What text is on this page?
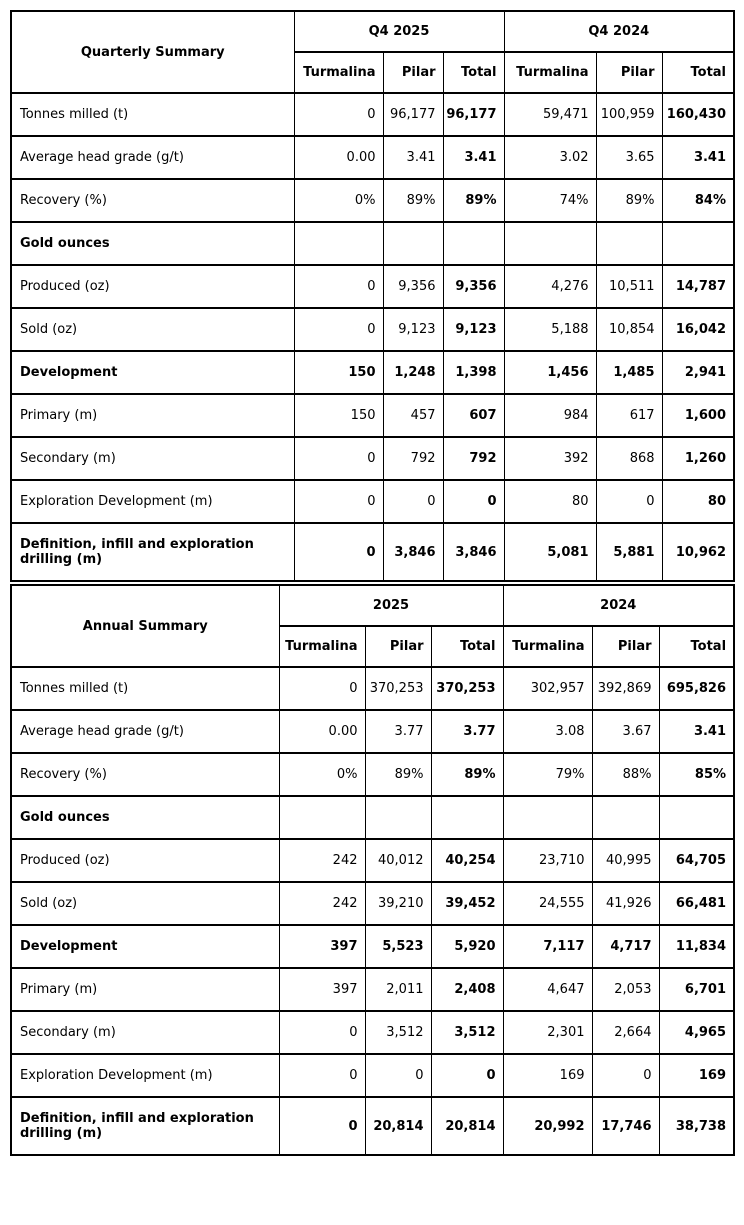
Quarterly Summary	Q4 2025			Q4 2024		
	Turmalina	Pilar	Total	Turmalina	Pilar	Total
Tonnes milled (t)	0	96,177	96,177	59,471	100,959	160,430
Average head grade (g/t)	0.00	3.41	3.41	3.02	3.65	3.41
Recovery (%)	0%	89%	89%	74%	89%	84%
Gold ounces						
Produced (oz)	0	9,356	9,356	4,276	10,511	14,787
Sold (oz)	0	9,123	9,123	5,188	10,854	16,042
Development	150	1,248	1,398	1,456	1,485	2,941
Primary (m)	150	457	607	984	617	1,600
Secondary (m)	0	792	792	392	868	1,260
Exploration Development (m)	0	0	0	80	0	80
Definition, infill and exploration drilling (m)	0	3,846	3,846	5,081	5,881	10,962
Annual Summary	2025			2024		
	Turmalina	Pilar	Total	Turmalina	Pilar	Total
Tonnes milled (t)	0	370,253	370,253	302,957	392,869	695,826
Average head grade (g/t)	0.00	3.77	3.77	3.08	3.67	3.41
Recovery (%)	0%	89%	89%	79%	88%	85%
Gold ounces						
Produced (oz)	242	40,012	40,254	23,710	40,995	64,705
Sold (oz)	242	39,210	39,452	24,555	41,926	66,481
Development	397	5,523	5,920	7,117	4,717	11,834
Primary (m)	397	2,011	2,408	4,647	2,053	6,701
Secondary (m)	0	3,512	3,512	2,301	2,664	4,965
Exploration Development (m)	0	0	0	169	0	169
Definition, infill and exploration drilling (m)	0	20,814	20,814	20,992	17,746	38,738
